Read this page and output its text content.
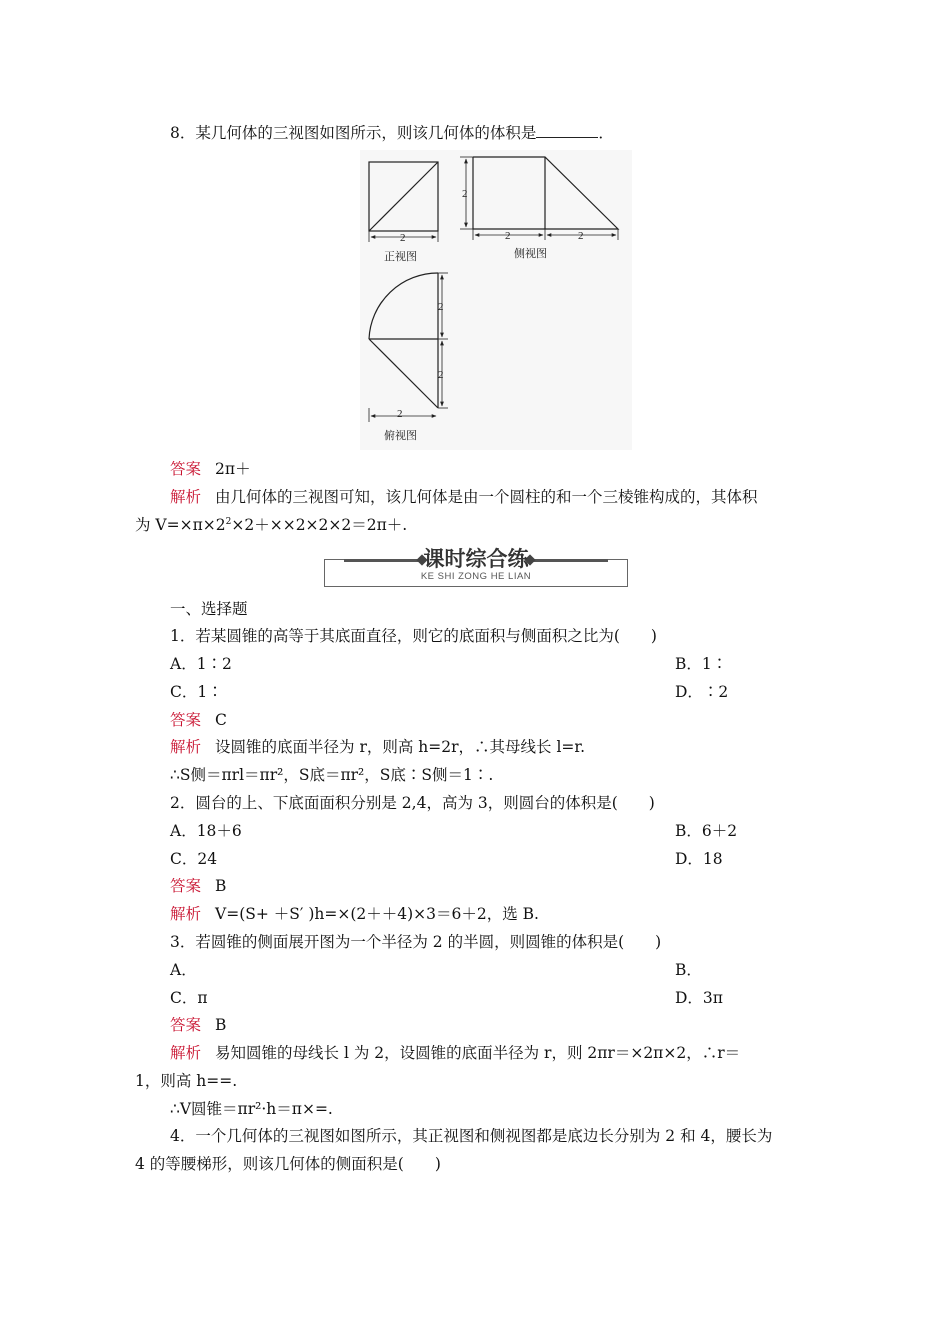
8．某几何体的三视图如图所示，则该几何体的体积是	．
2
正视图
2
2	2
侧视图
2
2
2
俯视图
答案 2π＋
解析 由几何体的三视图可知，该几何体是由一个圆柱的和一个三棱锥构成的，其体积
为 $V=\times\pi\times 2^2\times 2+\times\times 2\times 2\times 2=2\pi+$.
课时综合练
KE SHI ZONG HE LIAN
一、选择题
1．若某圆锥的高等于其底面直径，则它的底面积与侧面积之比为(　　)
A．1∶2	B．1∶
C．1∶	D．∶2
答案 C
解析 设圆锥的底面半径为 r，则高 h=2r，∴其母线长 l=r.
∴S侧＝πrl＝πr²，S底＝πr²，S底∶S侧＝1∶.
2．圆台的上、下底面面积分别是 2,4，高为 3，则圆台的体积是(　　)
A．18＋6	B．6＋2
C．24	D．18
答案 B
解析 V=(S+ ＋S′ )h=×(2＋＋4)×3＝6＋2，选 B.
3．若圆锥的侧面展开图为一个半径为 2 的半圆，则圆锥的体积是(　　)
A．	B．
C．π	D．3π
答案 B
解析 易知圆锥的母线长 l 为 2，设圆锥的底面半径为 r，则 2πr＝×2π×2，∴r＝
1，则高 h==.
∴V圆锥＝πr²·h＝π×=.
4．一个几何体的三视图如图所示，其正视图和侧视图都是底边长分别为 2 和 4，腰长为
4 的等腰梯形，则该几何体的侧面积是(　　)
